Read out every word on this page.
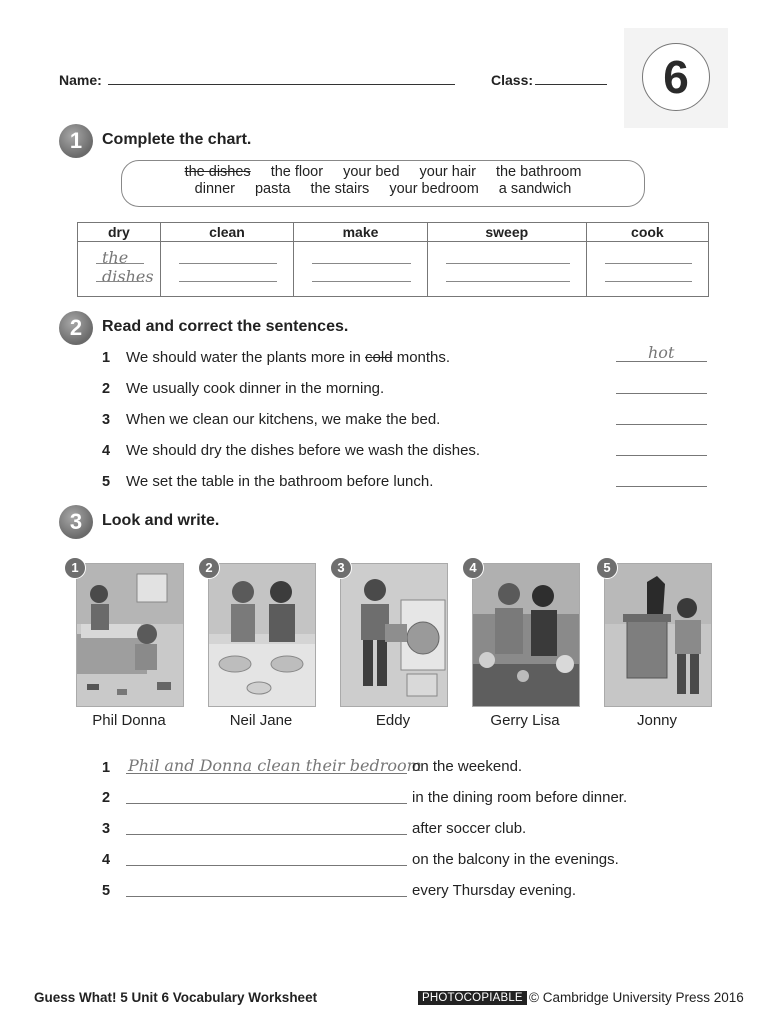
Name:	Class:	6
1	Complete the chart.
the dishes the floor your bed your hair the bathroom
dinner pasta the stairs your bedroom a sandwich
dry	clean	make	sweep	cook

the dishes				

2	Read and correct the sentences.
1 We should water the plants more in cold months.	hot
2 We usually cook dinner in the morning.
3 When we clean our kitchens, we make the bed.
4 We should dry the dishes before we wash the dishes.
5 We set the table in the bathroom before lunch.
3	Look and write.
1
Phil Donna
2
Neil Jane
3
Eddy
4
Gerry Lisa
5
Jonny
1 Phil and Donna clean their bedroom
on the weekend.
2	in the dining room before dinner.
3	after soccer club.
4	on the balcony in the evenings.
5	every Thursday evening.
Guess What! 5 Unit 6 Vocabulary Worksheet	PHOTOCOPIABLE © Cambridge University Press 2016
